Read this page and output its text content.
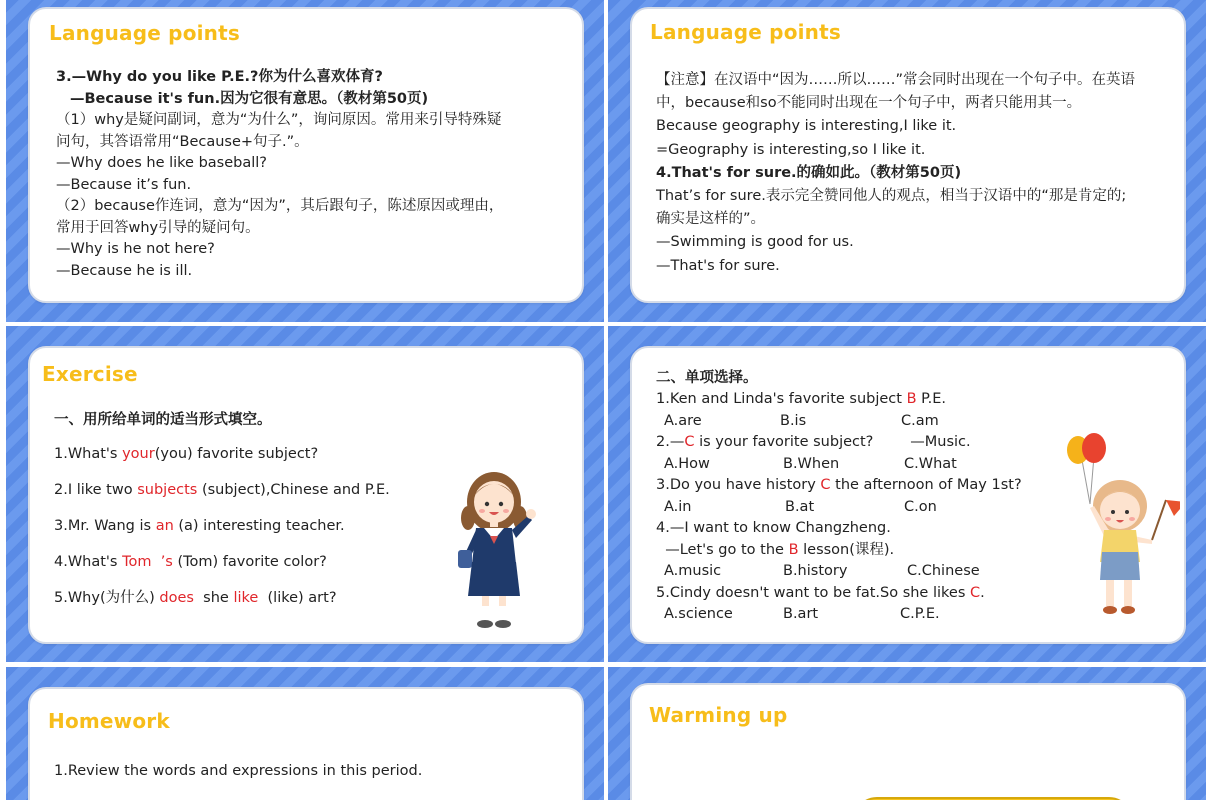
Language points
3.—Why do you like P.E.?你为什么喜欢体育?
—Because it's fun.因为它很有意思。（教材第50页)
（1）why是疑问副词，意为“为什么”，询问原因。常用来引导特殊疑
问句，其答语常用“Because+句子.”。
—Why does he like baseball?
—Because it’s fun.
（2）because作连词，意为“因为”，其后跟句子，陈述原因或理由，
常用于回答why引导的疑问句。
—Why is he not here?
—Because he is ill.
Language points
【注意】在汉语中“因为……所以……”常会同时出现在一个句子中。在英语
中，because和so不能同时出现在一个句子中，两者只能用其一。
Because geography is interesting,I like it.
=Geography is interesting,so I like it.
4.That's for sure.的确如此。（教材第50页)
That’s for sure.表示完全赞同他人的观点，相当于汉语中的“那是肯定的;
确实是这样的”。
—Swimming is good for us.
—That's for sure.
Exercise
一、用所给单词的适当形式填空。
1.What's your(you) favorite subject?
2.I like two subjects (subject),Chinese and P.E.
3.Mr. Wang is an (a) interesting teacher.
4.What's Tom  ’s (Tom) favorite color?
5.Why(为什么) does  she like  (like) art?
二、单项选择。
1.Ken and Linda's favorite subject B P.E.
A.are	B.is	C.am
2.—C is your favorite subject?        —Music.
A.How	B.When	C.What
3.Do you have history C the afternoon of May 1st?
A.in	B.at	C.on
4.—I want to know Changzheng.
—Let's go to the B lesson(课程).
A.music	B.history	C.Chinese
5.Cindy doesn't want to be fat.So she likes C.
A.science	B.art	C.P.E.
Homework
1.Review the words and expressions in this period.
Warming up
